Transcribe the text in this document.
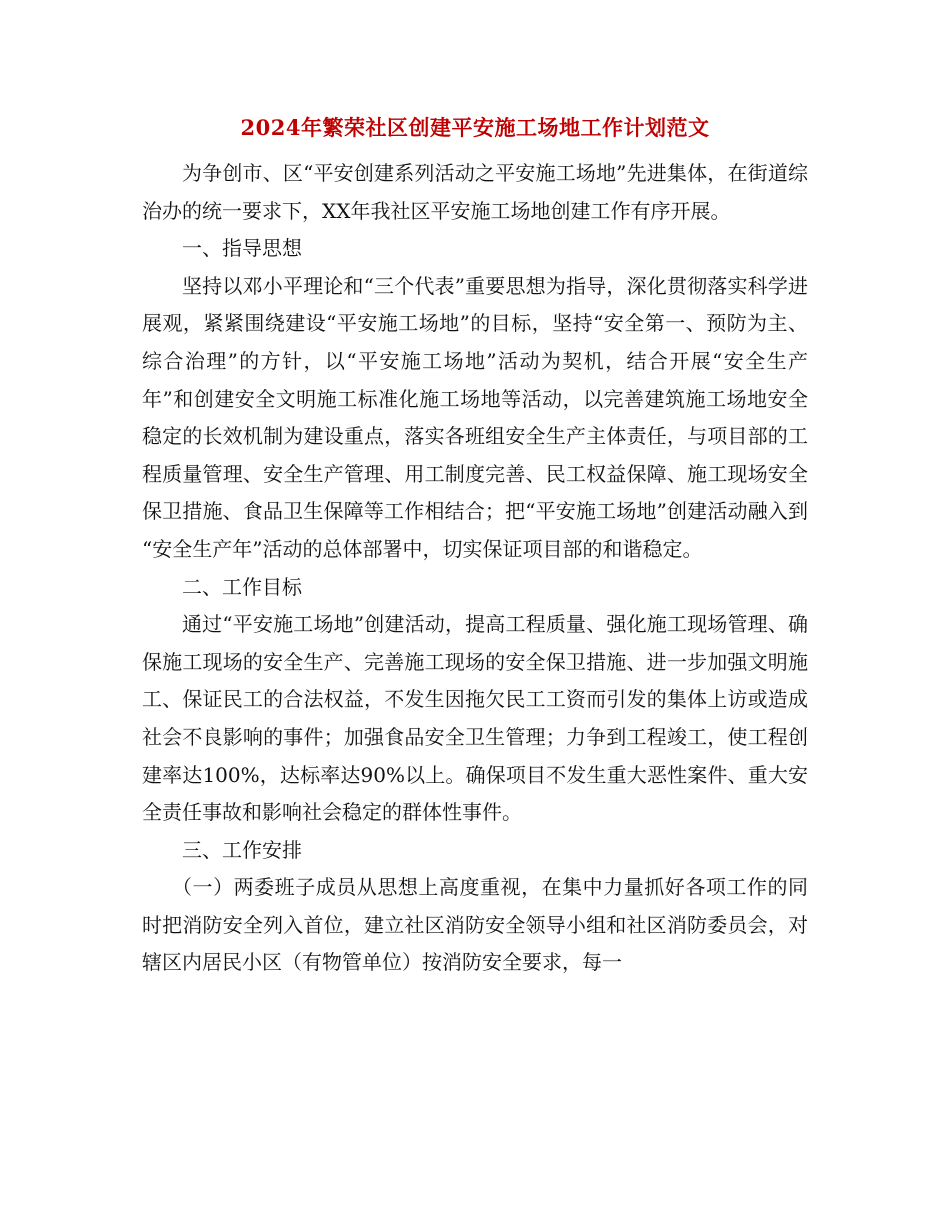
2024年繁荣社区创建平安施工场地工作计划范文

为争创市、区“平安创建系列活动之平安施工场地”先进集体，在街道综治办的统一要求下，XX年我社区平安施工场地创建工作有序开展。

一、指导思想

坚持以邓小平理论和“三个代表”重要思想为指导，深化贯彻落实科学进展观，紧紧围绕建设“平安施工场地”的目标，坚持“安全第一、预防为主、综合治理”的方针，以“平安施工场地”活动为契机，结合开展“安全生产年”和创建安全文明施工标准化施工场地等活动，以完善建筑施工场地安全稳定的长效机制为建设重点，落实各班组安全生产主体责任，与项目部的工程质量管理、安全生产管理、用工制度完善、民工权益保障、施工现场安全保卫措施、食品卫生保障等工作相结合；把“平安施工场地”创建活动融入到 “安全生产年”活动的总体部署中，切实保证项目部的和谐稳定。

二、工作目标

通过“平安施工场地”创建活动，提高工程质量、强化施工现场管理、确保施工现场的安全生产、完善施工现场的安全保卫措施、进一步加强文明施工、保证民工的合法权益，不发生因拖欠民工工资而引发的集体上访或造成社会不良影响的事件；加强食品安全卫生管理；力争到工程竣工，使工程创建率达100%，达标率达90%以上。确保项目不发生重大恶性案件、重大安全责任事故和影响社会稳定的群体性事件。

三、工作安排

（一）两委班子成员从思想上高度重视，在集中力量抓好各项工作的同时把消防安全列入首位，建立社区消防安全领导小组和社区消防委员会，对辖区内居民小区（有物管单位）按消防安全要求，每一
